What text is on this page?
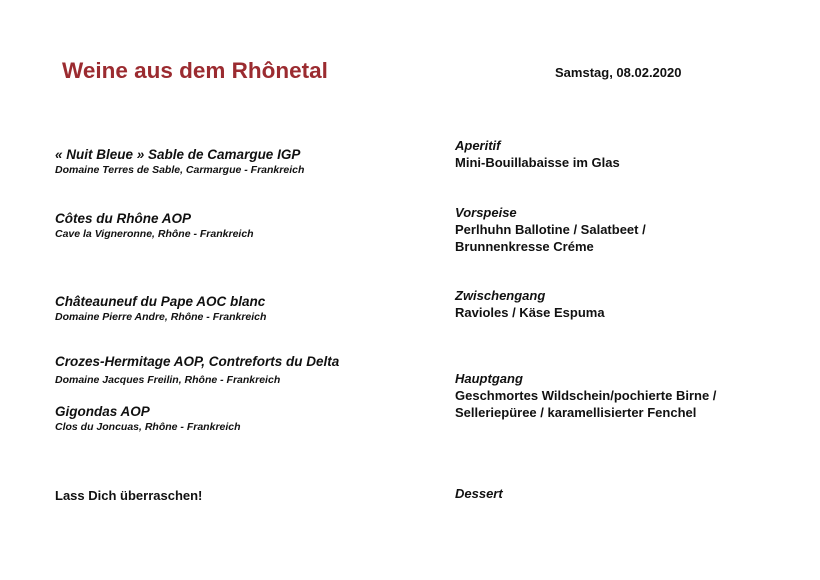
Weine aus dem Rhônetal	Samstag, 08.02.2020
« Nuit Bleue » Sable de Camargue IGP
Domaine Terres de Sable, Carmargue - Frankreich
Côtes du Rhône AOP
Cave la Vigneronne, Rhône - Frankreich
Châteauneuf du Pape AOC blanc
Domaine Pierre Andre, Rhône - Frankreich
Crozes-Hermitage AOP, Contreforts du Delta
Domaine Jacques Freilin, Rhône - Frankreich
Gigondas AOP
Clos du Joncuas, Rhône - Frankreich
Lass Dich überraschen!
Aperitif
Mini-Bouillabaisse im Glas
Vorspeise
Perlhuhn Ballotine / Salatbeet /
Brunnenkresse Créme
Zwischengang
Ravioles / Käse Espuma
Hauptgang
Geschmortes Wildschein/pochierte Birne /
Selleriepüree / karamellisierter Fenchel
Dessert
